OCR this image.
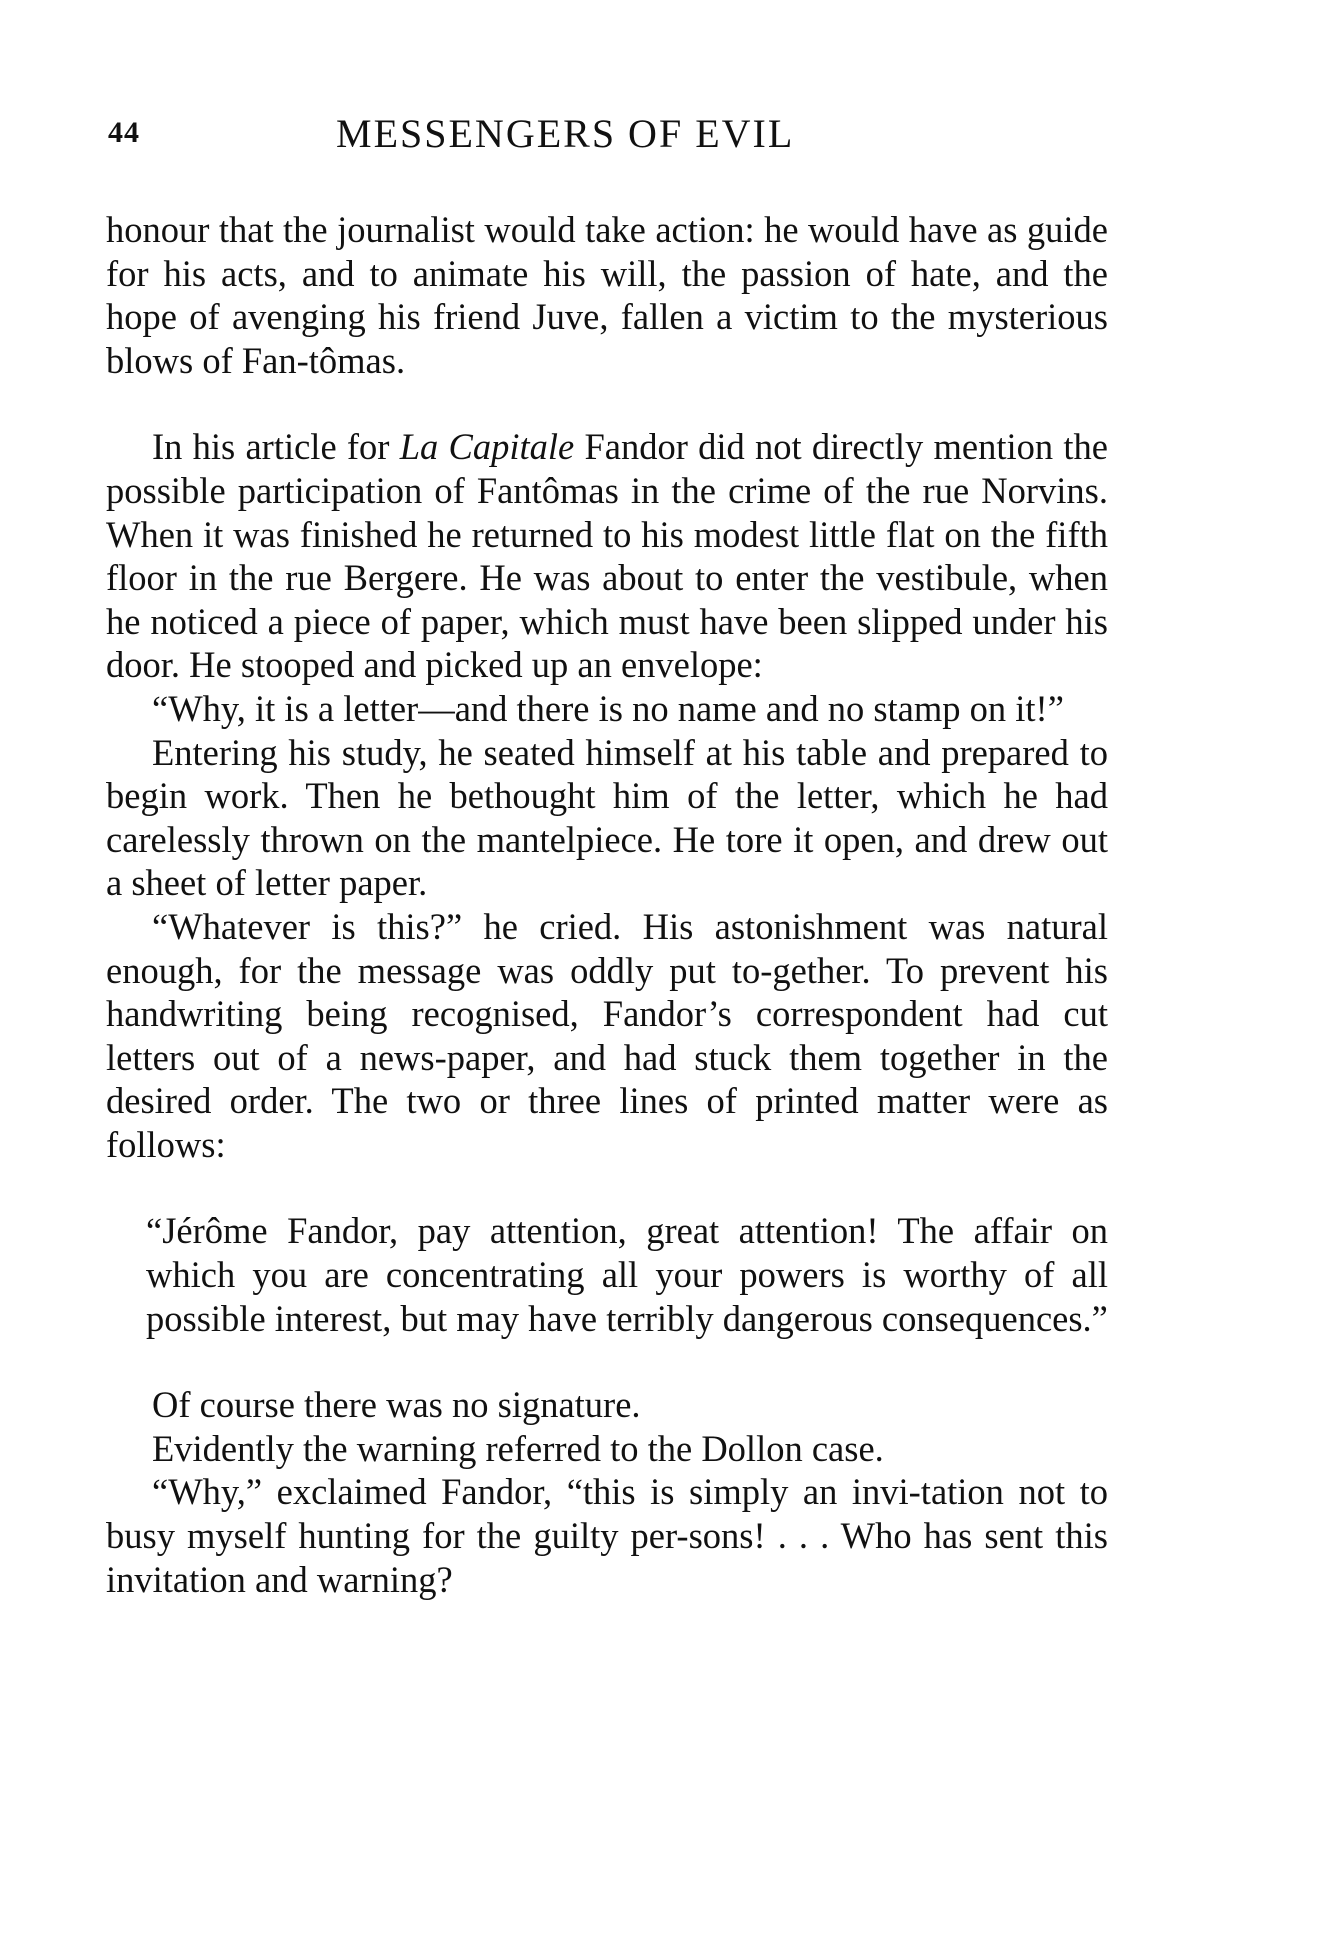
44	MESSENGERS OF EVIL

honour that the journalist would take action: he would have as guide for his acts, and to animate his will, the passion of hate, and the hope of avenging his friend Juve, fallen a victim to the mysterious blows of Fan-tômas.

In his article for La Capitale Fandor did not directly mention the possible participation of Fantômas in the crime of the rue Norvins. When it was finished he returned to his modest little flat on the fifth floor in the rue Bergere. He was about to enter the vestibule, when he noticed a piece of paper, which must have been slipped under his door. He stooped and picked up an envelope:

“Why, it is a letter—and there is no name and no stamp on it!”

Entering his study, he seated himself at his table and prepared to begin work. Then he bethought him of the letter, which he had carelessly thrown on the mantelpiece. He tore it open, and drew out a sheet of letter paper.

“Whatever is this?” he cried. His astonishment was natural enough, for the message was oddly put to-gether. To prevent his handwriting being recognised, Fandor’s correspondent had cut letters out of a news-paper, and had stuck them together in the desired order. The two or three lines of printed matter were as follows:

“Jérôme Fandor, pay attention, great attention! The affair on which you are concentrating all your powers is worthy of all possible interest, but may have terribly dangerous consequences.”

Of course there was no signature.

Evidently the warning referred to the Dollon case.

“Why,” exclaimed Fandor, “this is simply an invi-tation not to busy myself hunting for the guilty per-sons! . . . Who has sent this invitation and warning?
